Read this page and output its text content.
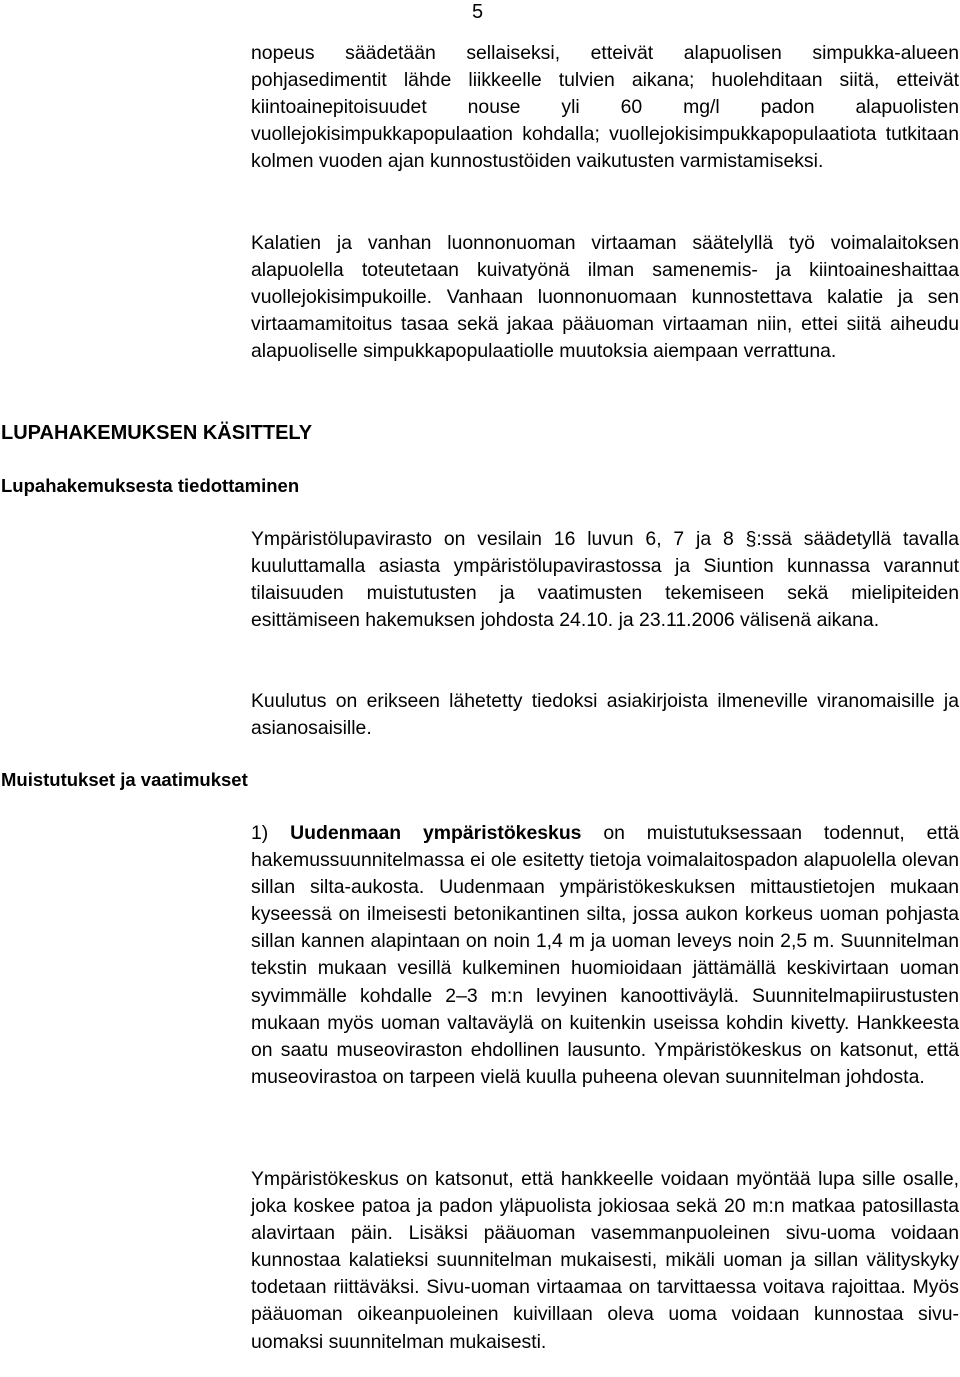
5

nopeus säädetään sellaiseksi, etteivät alapuolisen simpukka-alueen pohjasedimentit lähde liikkeelle tulvien aikana; huolehditaan siitä, etteivät kiintoainepitoisuudet nouse yli 60 mg/l padon alapuolisten vuollejokisimpukkapopulaation kohdalla; vuollejokisimpukkapopulaatiota tutkitaan kolmen vuoden ajan kunnostustöiden vaikutusten varmistamiseksi.

Kalatien ja vanhan luonnonuoman virtaaman säätelyllä työ voimalaitoksen alapuolella toteutetaan kuivatyönä ilman samenemis- ja kiintoaineshaittaa vuollejokisimpukoille. Vanhaan luonnonuomaan kunnostettava kalatie ja sen virtaamamitoitus tasaa sekä jakaa pääuoman virtaaman niin, ettei siitä aiheudu alapuoliselle simpukkapopulaatiolle muutoksia aiempaan verrattuna.

LUPAHAKEMUKSEN KÄSITTELY
Lupahakemuksesta tiedottaminen

Ympäristölupavirasto on vesilain 16 luvun 6, 7 ja 8 §:ssä säädetyllä tavalla kuuluttamalla asiasta ympäristölupavirastossa ja Siuntion kunnassa varannut tilaisuuden muistutusten ja vaatimusten tekemiseen sekä mielipiteiden esittämiseen hakemuksen johdosta 24.10. ja 23.11.2006 välisenä aikana.

Kuulutus on erikseen lähetetty tiedoksi asiakirjoista ilmeneville viranomaisille ja asianosaisille.

Muistutukset ja vaatimukset

1) Uudenmaan ympäristökeskus on muistutuksessaan todennut, että hakemussuunnitelmassa ei ole esitetty tietoja voimalaitospadon alapuolella olevan sillan silta-aukosta. Uudenmaan ympäristökeskuksen mittaustietojen mukaan kyseessä on ilmeisesti betonikantinen silta, jossa aukon korkeus uoman pohjasta sillan kannen alapintaan on noin 1,4 m ja uoman leveys noin 2,5 m. Suunnitelman tekstin mukaan vesillä kulkeminen huomioidaan jättämällä keskivirtaan uoman syvimmälle kohdalle 2–3 m:n levyinen kanoottiväylä. Suunnitelmapiirustusten mukaan myös uoman valtaväylä on kuitenkin useissa kohdin kivetty. Hankkeesta on saatu museoviraston ehdollinen lausunto. Ympäristökeskus on katsonut, että museovirastoa on tarpeen vielä kuulla puheena olevan suunnitelman johdosta.

Ympäristökeskus on katsonut, että hankkeelle voidaan myöntää lupa sille osalle, joka koskee patoa ja padon yläpuolista jokiosaa sekä 20 m:n matkaa patosillasta alavirtaan päin. Lisäksi pääuoman vasemmanpuoleinen sivu-uoma voidaan kunnostaa kalatieksi suunnitelman mukaisesti, mikäli uoman ja sillan välityskyky todetaan riittäväksi. Sivu-uoman virtaamaa on tarvittaessa voitava rajoittaa. Myös pääuoman oikeanpuoleinen kuivillaan oleva uoma voidaan kunnostaa sivu-uomaksi suunnitelman mukaisesti.
